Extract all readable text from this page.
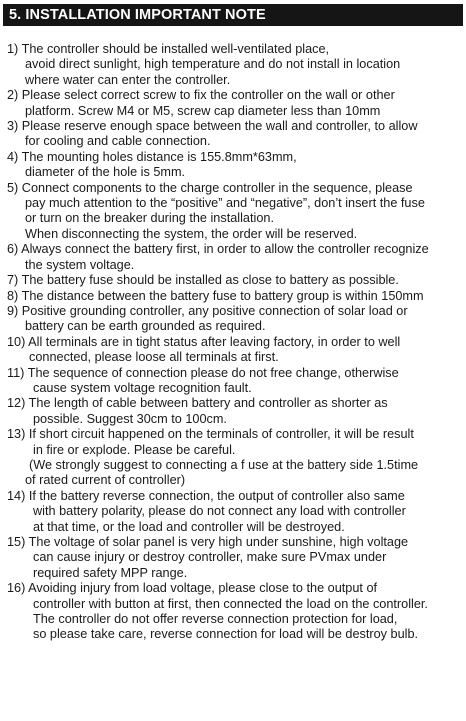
5. INSTALLATION IMPORTANT NOTE
1) The controller should be installed well-ventilated place,
avoid direct sunlight, high temperature and do not install in location
where water can enter the controller.
2) Please select correct screw to fix the controller on the wall or other
platform. Screw M4 or M5, screw cap diameter less than 10mm
3) Please reserve enough space between the wall and controller, to allow
for cooling and cable connection.
4) The mounting holes distance is 155.8mm*63mm,
diameter of the hole is 5mm.
5) Connect components to the charge controller in the sequence, please
pay much attention to the “positive” and “negative”, don’t insert the fuse
or turn on the breaker during the installation.
When disconnecting the system, the order will be reserved.
6) Always connect the battery first, in order to allow the controller recognize
the system voltage.
7) The battery fuse should be installed as close to battery as possible.
8) The distance between the battery fuse to battery group is within 150mm
9) Positive grounding controller, any positive connection of solar load or
battery can be earth grounded as required.
10) All terminals are in tight status after leaving factory, in order to well
connected, please loose all terminals at first.
11) The sequence of connection please do not free change, otherwise
cause system voltage recognition fault.
12) The length of cable between battery and controller as shorter as
possible. Suggest 30cm to 100cm.
13) If short circuit happened on the terminals of controller, it will be result
in fire or explode. Please be careful.
(We strongly suggest to connecting a f use at the battery side 1.5time
of rated current of controller)
14) If the battery reverse connection, the output of controller also same
with battery polarity, please do not connect any load with controller
at that time, or the load and controller will be destroyed.
15) The voltage of solar panel is very high under sunshine, high voltage
can cause injury or destroy controller, make sure PVmax under
required safety MPP range.
16) Avoiding injury from load voltage, please close to the output of
controller with button at first, then connected the load on the controller.
The controller do not offer reverse connection protection for load,
so please take care, reverse connection for load will be destroy bulb.
